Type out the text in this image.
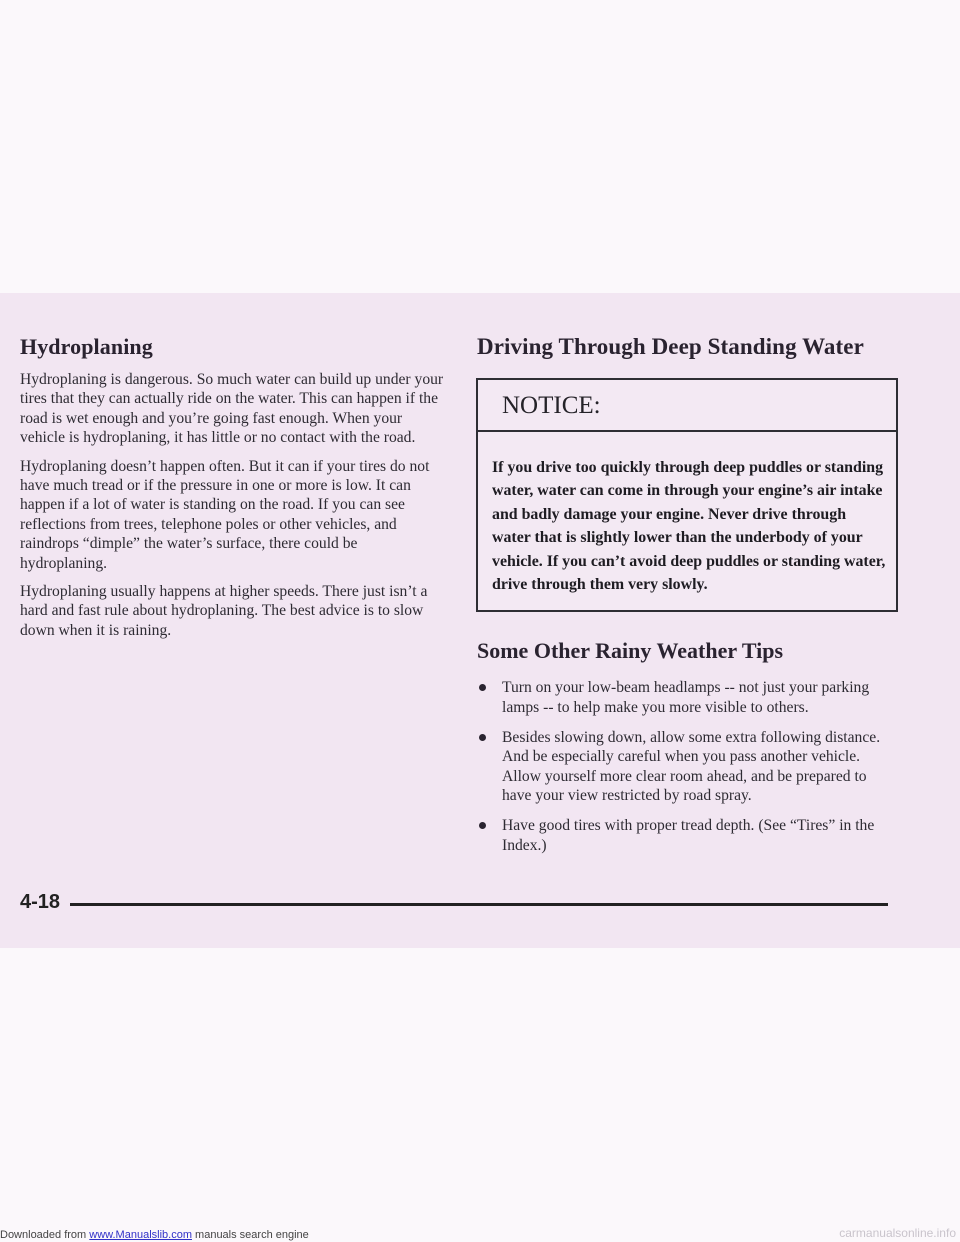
Hydroplaning

Hydroplaning is dangerous. So much water can build up under your tires that they can actually ride on the water. This can happen if the road is wet enough and you’re going fast enough. When your vehicle is hydroplaning, it has little or no contact with the road.

Hydroplaning doesn’t happen often. But it can if your tires do not have much tread or if the pressure in one or more is low. It can happen if a lot of water is standing on the road. If you can see reflections from trees, telephone poles or other vehicles, and raindrops “dimple” the water’s surface, there could be hydroplaning.

Hydroplaning usually happens at higher speeds. There just isn’t a hard and fast rule about hydroplaning. The best advice is to slow down when it is raining.

Driving Through Deep Standing Water
NOTICE:
If you drive too quickly through deep puddles or standing water, water can come in through your engine’s air intake and badly damage your engine. Never drive through water that is slightly lower than the underbody of your vehicle. If you can’t avoid deep puddles or standing water, drive through them very slowly.
Some Other Rainy Weather Tips
Turn on your low-beam headlamps -- not just your parking lamps -- to help make you more visible to others.
Besides slowing down, allow some extra following distance. And be especially careful when you pass another vehicle. Allow yourself more clear room ahead, and be prepared to have your view restricted by road spray.
Have good tires with proper tread depth. (See “Tires” in the Index.)
4-18
Downloaded from www.Manualslib.com manuals search engine	carmanualsonline.info
